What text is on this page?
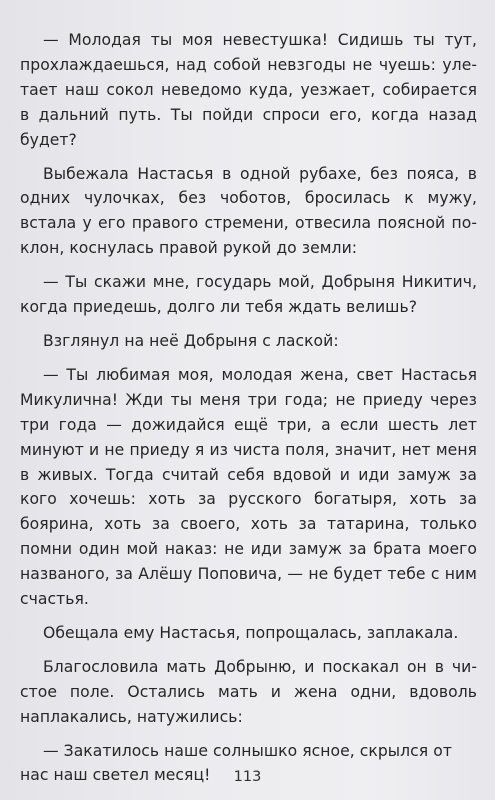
— Молодая ты моя невестушка! Сидишь ты тут, прохлаждаешься, над собой невзгоды не чуешь: улетает наш сокол неведомо куда, уезжает, собирается в дальний путь. Ты пойди спроси его, когда назад будет?

Выбежала Настасья в одной рубахе, без пояса, в одних чулочках, без чоботов, бросилась к мужу, встала у его правого стремени, отвесила поясной поклон, коснулась правой рукой до земли:

— Ты скажи мне, государь мой, Добрыня Никитич, когда приедешь, долго ли тебя ждать велишь?

Взглянул на неё Добрыня с лаской:

— Ты любимая моя, молодая жена, свет Настасья Микулична! Жди ты меня три года; не приеду через три года — дожидайся ещё три, а если шесть лет минуют и не приеду я из чиста поля, значит, нет меня в живых. Тогда считай себя вдовой и иди замуж за кого хочешь: хоть за русского богатыря, хоть за боярина, хоть за своего, хоть за татарина, только помни один мой наказ: не иди замуж за брата моего названого, за Алёшу Поповича, — не будет тебе с ним счастья.

Обещала ему Настасья, попрощалась, заплакала.

Благословила мать Добрыню, и поскакал он в чистое поле. Остались мать и жена одни, вдоволь наплакались, натужились:

— Закатилось наше солнышко ясное, скрылся от нас наш светел месяц!	113
